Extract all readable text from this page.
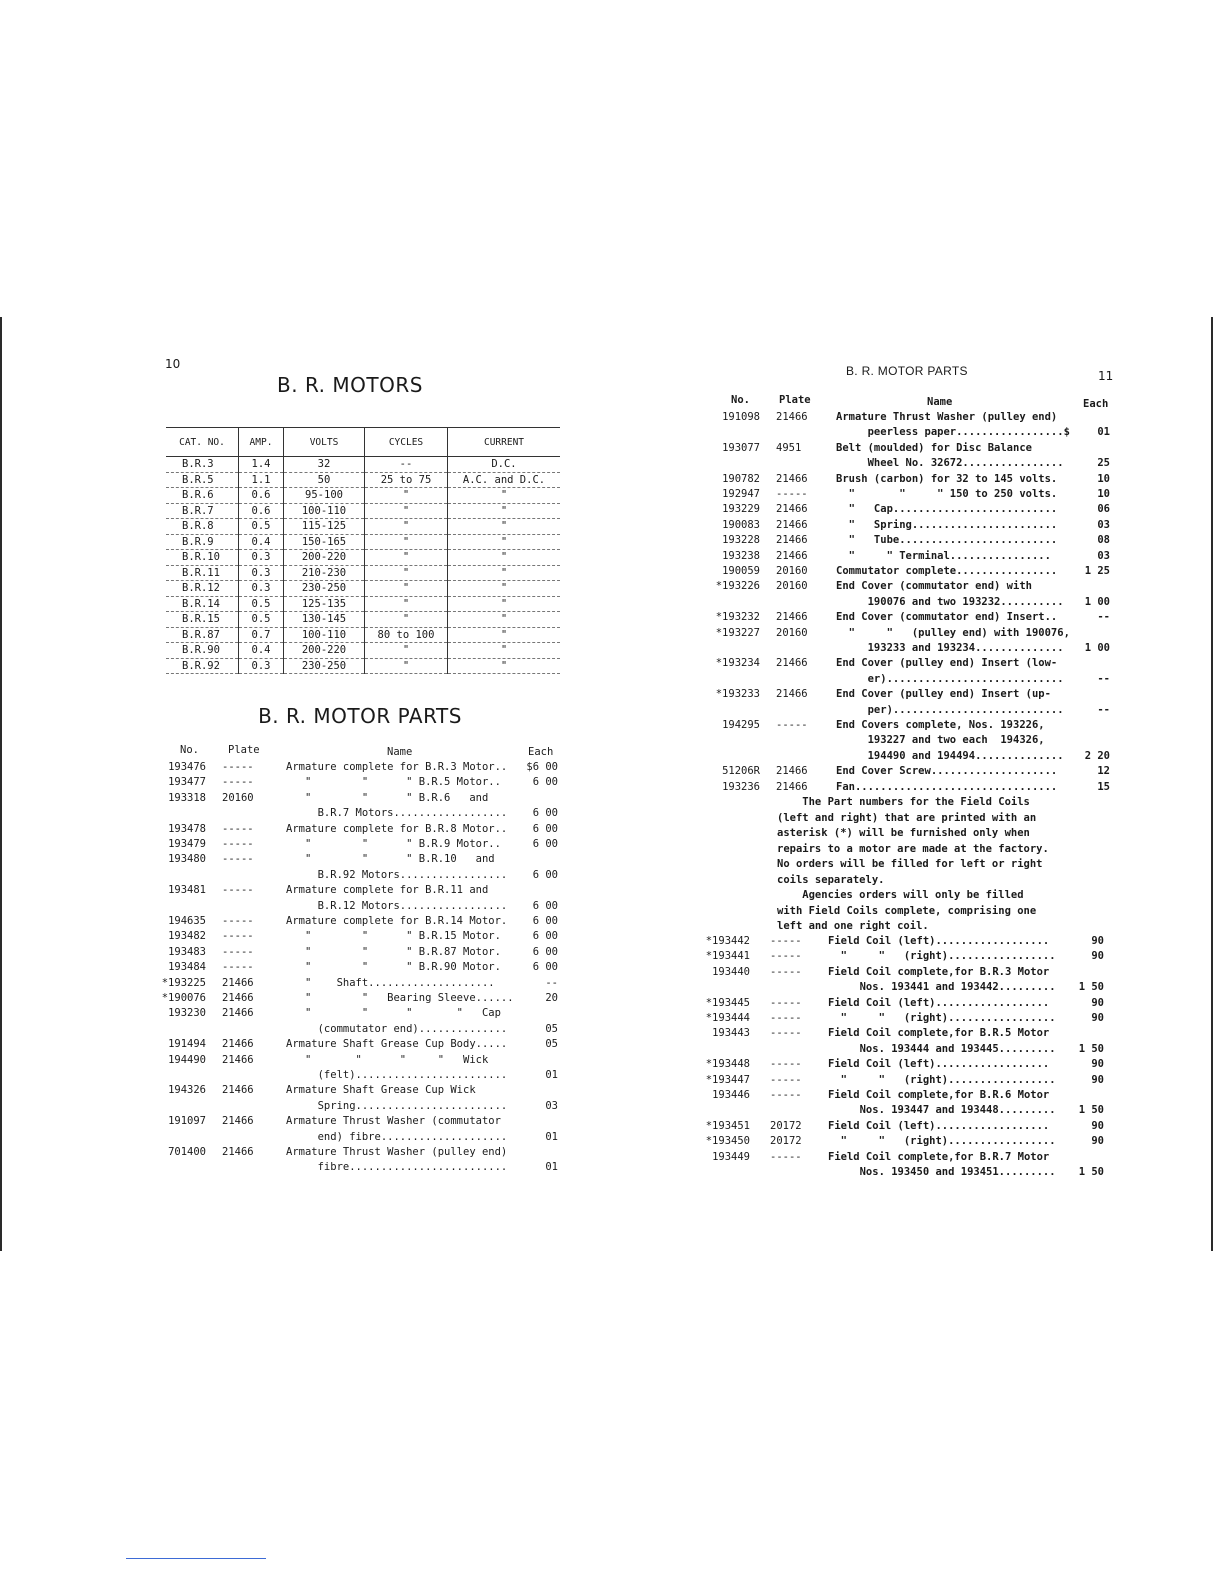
10
B. R. MOTORS
CAT. NO.	AMP.	VOLTS	CYCLES	CURRENT
B.R.3	1.4	32	--	D.C.
B.R.5	1.1	50	25 to 75	A.C. and D.C.
B.R.6	0.6	95-100	"	"
B.R.7	0.6	100-110	"	"
B.R.8	0.5	115-125	"	"
B.R.9	0.4	150-165	"	"
B.R.10	0.3	200-220	"	"
B.R.11	0.3	210-230	"	"
B.R.12	0.3	230-250	"	"
B.R.14	0.5	125-135	"	"
B.R.15	0.5	130-145	"	"
B.R.87	0.7	100-110	80 to 100	"
B.R.90	0.4	200-220	"	"
B.R.92	0.3	230-250	"	"
B. R. MOTOR PARTS
No.	Plate	Name	Each
193476 -----	Armature complete for B.R.3 Motor.. $6 00
193477 -----	"        "      " B.R.5 Motor..	6 00
193318 20160	"        "      " B.R.6   and
B.R.7 Motors.................. 6 00
193478 -----	Armature complete for B.R.8 Motor.. 6 00
193479 -----	"        "      " B.R.9 Motor..	6 00
193480 -----	"        "      " B.R.10   and
B.R.92 Motors................. 6 00
193481 -----	Armature complete for B.R.11 and
B.R.12 Motors................. 6 00
194635 -----	Armature complete for B.R.14 Motor. 6 00
193482 -----	"        "      " B.R.15 Motor.	6 00
193483 -----	"        "      " B.R.87 Motor.	6 00
193484 -----	"        "      " B.R.90 Motor.	6 00
*193225 21466	"    Shaft....................	--
*190076 21466	"        "   Bearing Sleeve......	20
193230 21466	"        "      "       "   Cap
(commutator end)..............	05
191494 21466	Armature Shaft Grease Cup Body.....	05
194490 21466	"       "      "     "   Wick
(felt)........................	01
194326 21466	Armature Shaft Grease Cup Wick
Spring........................	03
191097 21466	Armature Thrust Washer (commutator
end) fibre....................	01
701400 21466	Armature Thrust Washer (pulley end)
fibre.........................	01
B. R. MOTOR PARTS	11
No.	Plate	Name	Each
191098 21466	Armature Thrust Washer (pulley end)
peerless paper.................$	01
193077 4951	Belt (moulded) for Disc Balance
Wheel No. 32672................	25
190782 21466	Brush (carbon) for 32 to 145 volts.	10
192947 -----	"       "     " 150 to 250 volts.	10
193229 21466	"   Cap..........................	06
190083 21466	"   Spring.......................	03
193228 21466	"   Tube.........................	08
193238 21466	"     " Terminal................	03
190059 20160	Commutator complete................	1 25
*193226 20160	End Cover (commutator end) with
190076 and two 193232.......... 1 00
*193232 21466	End Cover (commutator end) Insert..	--
*193227 20160	"     "   (pulley end) with 190076,
193233 and 193234.............. 1 00
*193234 21466	End Cover (pulley end) Insert (low-
er)............................	--
*193233 21466	End Cover (pulley end) Insert (up-
per)...........................	--
194295 -----	End Covers complete, Nos. 193226,
193227 and two each  194326,
194490 and 194494.............. 2 20
51206R 21466	End Cover Screw....................	12
193236 21466	Fan................................	15
The Part numbers for the Field Coils
(left and right) that are printed with an
asterisk (*) will be furnished only when
repairs to a motor are made at the factory.
No orders will be filled for left or right
coils separately.
Agencies orders will only be filled
with Field Coils complete, comprising one
left and one right coil.
*193442 -----	Field Coil (left)..................	90
*193441 -----	"     "   (right).................	90
193440 -----	Field Coil complete,for B.R.3 Motor
Nos. 193441 and 193442......... 1 50
*193445 -----	Field Coil (left)..................	90
*193444 -----	"     "   (right).................	90
193443 -----	Field Coil complete,for B.R.5 Motor
Nos. 193444 and 193445......... 1 50
*193448 -----	Field Coil (left)..................	90
*193447 -----	"     "   (right).................	90
193446 -----	Field Coil complete,for B.R.6 Motor
Nos. 193447 and 193448......... 1 50
*193451 20172	Field Coil (left)..................	90
*193450 20172	"     "   (right).................	90
193449 -----	Field Coil complete,for B.R.7 Motor
Nos. 193450 and 193451......... 1 50
